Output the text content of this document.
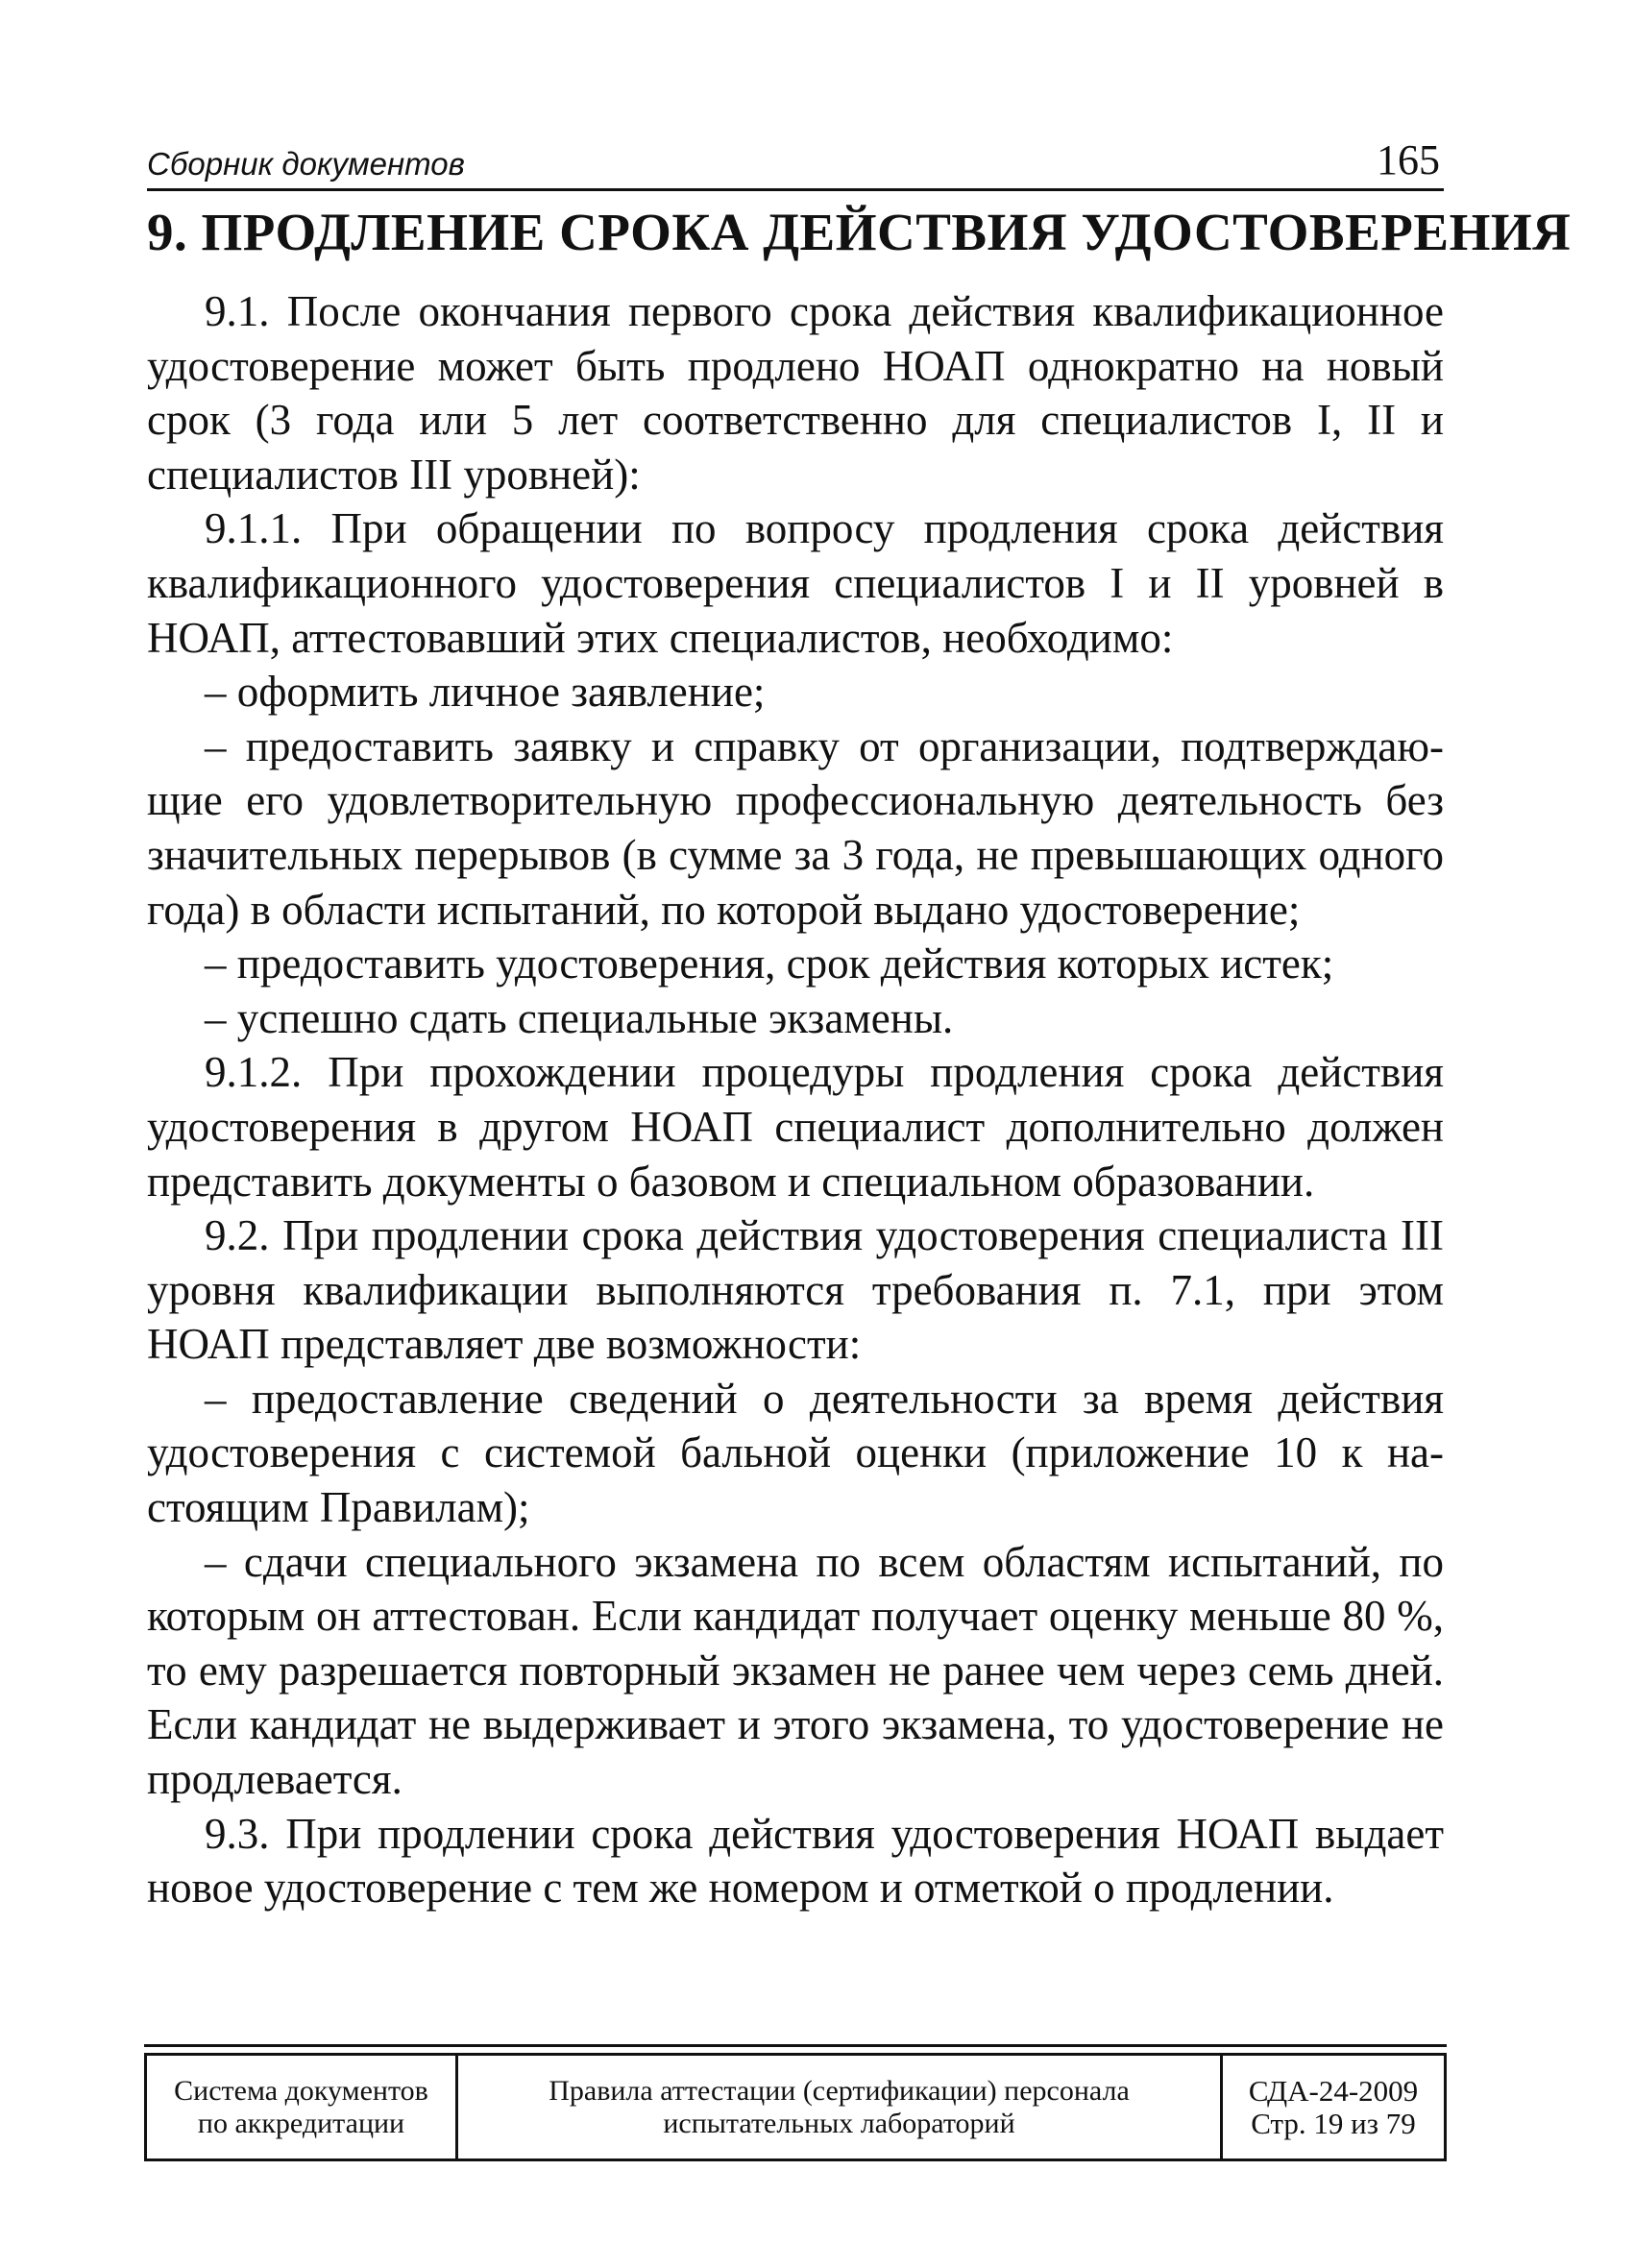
Сборник документов	165
9. ПРОДЛЕНИЕ СРОКА ДЕЙСТВИЯ УДОСТОВЕРЕНИЯ

9.1. После окончания первого срока действия квалификационное удостоверение может быть продлено НОАП однократно на новый срок (3 года или 5 лет соответственно для специалистов I, II и специалистов III уровней):

9.1.1. При обращении по вопросу продления срока действия квалификационного удостоверения специалистов I и II уровней в НОАП, аттестовавший этих специалистов, необходимо:

– оформить личное заявление;

– предоставить заявку и справку от организации, подтверждающие его удовлетворительную профессиональную деятельность без значительных перерывов (в сумме за 3 года, не превышающих одного года) в области испытаний, по которой выдано удостоверение;

– предоставить удостоверения, срок действия которых истек;

– успешно сдать специальные экзамены.

9.1.2. При прохождении процедуры продления срока действия удостоверения в другом НОАП специалист дополнительно должен представить документы о базовом и специальном образовании.

9.2. При продлении срока действия удостоверения специалиста III уровня квалификации выполняются требования п. 7.1, при этом НОАП представляет две возможности:

– предоставление сведений о деятельности за время действия удостоверения с системой бальной оценки (приложение 10 к настоящим Правилам);

– сдачи специального экзамена по всем областям испытаний, по которым он аттестован. Если кандидат получает оценку меньше 80 %, то ему разрешается повторный экзамен не ранее чем через семь дней. Если кандидат не выдерживает и этого экзамена, то удостоверение не продлевается.

9.3. При продлении срока действия удостоверения НОАП выдает новое удостоверение с тем же номером и отметкой о продлении.

Система документов
по аккредитации
Правила аттестации (сертификации) персонала
испытательных лабораторий
СДА-24-2009
Стр. 19 из 79
